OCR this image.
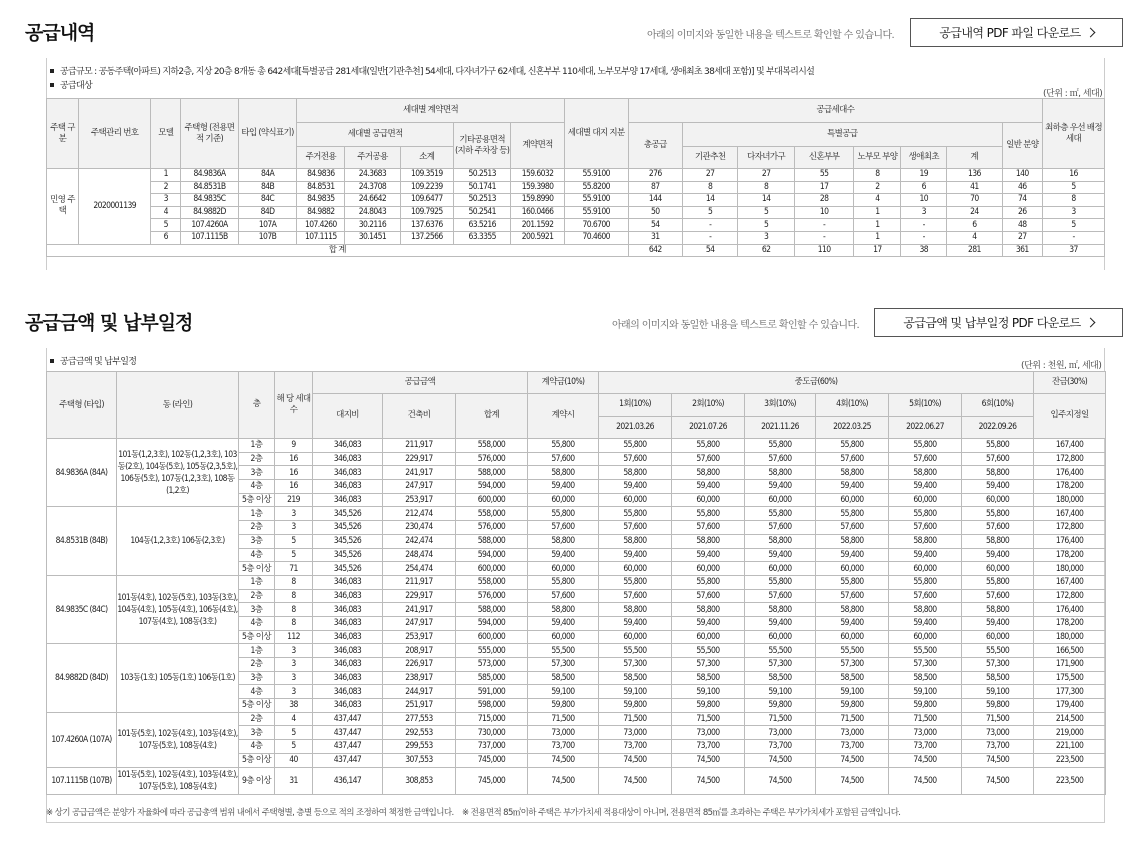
공급내역	아래의 이미지와 동일한 내용을 텍스트로 확인할 수 있습니다.	공급내역 PDF 파일 다운로드
공급규모 : 공동주택(아파트) 지하2층, 지상 20층 8개동 총 642세대[특별공급 281세대(일반[기관추천] 54세대, 다자녀가구 62세대, 신혼부부 110세대, 노부모부양 17세대, 생애최초 38세대 포함)] 및 부대복리시설
공급대상
(단위 : ㎡, 세대)
주택 구분	주택관리 번호	모델	주택형 (전용면적 기준)	타입 (약식표기)	세대별 계약면적					세대별 대지 지분	공급세대수								최하층 우선 배정세대
					세대별 공급면적			기타공용면적 (지하 주차장 등)	계약면적		총공급	특별공급						일반 분양	
					주거전용	주거공용	소계					기관추천	다자녀가구	신혼부부	노부모 부양	생애최초	계		
민영 주택	2020001139	1	84.9836A	84A	84.9836	24.3683	109.3519	50.2513	159.6032	55.9100	276	27	27	55	8	19	136	140	16
		2	84.8531B	84B	84.8531	24.3708	109.2239	50.1741	159.3980	55.8200	87	8	8	17	2	6	41	46	5
		3	84.9835C	84C	84.9835	24.6642	109.6477	50.2513	159.8990	55.9100	144	14	14	28	4	10	70	74	8
		4	84.9882D	84D	84.9882	24.8043	109.7925	50.2541	160.0466	55.9100	50	5	5	10	1	3	24	26	3
		5	107.4260A	107A	107.4260	30.2116	137.6376	63.5216	201.1592	70.6700	54	-	5	-	1	-	6	48	5
		6	107.1115B	107B	107.1115	30.1451	137.2566	63.3355	200.5921	70.4600	31	-	3	-	1	-	4	27	-
합 계											642	54	62	110	17	38	281	361	37
공급금액 및 납부일정	아래의 이미지와 동일한 내용을 텍스트로 확인할 수 있습니다.	공급금액 및 납부일정 PDF 다운로드
공급금액 및 납부일정	(단위 : 천원, ㎡, 세대)
주택형 (타입)	동 (라인)	층	해 당 세대수	공급금액			계약금(10%)	중도금(60%)						잔금(30%)
				대지비	건축비	합계	계약시	1회(10%)	2회(10%)	3회(10%)	4회(10%)	5회(10%)	6회(10%)	입주지정일
								2021.03.26	2021.07.26	2021.11.26	2022.03.25	2022.06.27	2022.09.26	
84.9836A (84A)	101동(1,2,3호), 102동(1,2,3호), 103동(2호), 104동(5호), 105동(2,3,5호), 106동(5호), 107동(1,2,3호), 108동(1,2호)	1층	9	346,083	211,917	558,000	55,800	55,800	55,800	55,800	55,800	55,800	55,800	167,400
		2층	16	346,083	229,917	576,000	57,600	57,600	57,600	57,600	57,600	57,600	57,600	172,800
		3층	16	346,083	241,917	588,000	58,800	58,800	58,800	58,800	58,800	58,800	58,800	176,400
		4층	16	346,083	247,917	594,000	59,400	59,400	59,400	59,400	59,400	59,400	59,400	178,200
		5층 이상	219	346,083	253,917	600,000	60,000	60,000	60,000	60,000	60,000	60,000	60,000	180,000
84.8531B (84B)	104동(1,2,3호) 106동(2,3호)	1층	3	345,526	212,474	558,000	55,800	55,800	55,800	55,800	55,800	55,800	55,800	167,400
		2층	3	345,526	230,474	576,000	57,600	57,600	57,600	57,600	57,600	57,600	57,600	172,800
		3층	5	345,526	242,474	588,000	58,800	58,800	58,800	58,800	58,800	58,800	58,800	176,400
		4층	5	345,526	248,474	594,000	59,400	59,400	59,400	59,400	59,400	59,400	59,400	178,200
		5층 이상	71	345,526	254,474	600,000	60,000	60,000	60,000	60,000	60,000	60,000	60,000	180,000
84.9835C (84C)	101동(4호), 102동(5호), 103동(3호), 104동(4호), 105동(4호), 106동(4호), 107동(4호), 108동(3호)	1층	8	346,083	211,917	558,000	55,800	55,800	55,800	55,800	55,800	55,800	55,800	167,400
		2층	8	346,083	229,917	576,000	57,600	57,600	57,600	57,600	57,600	57,600	57,600	172,800
		3층	8	346,083	241,917	588,000	58,800	58,800	58,800	58,800	58,800	58,800	58,800	176,400
		4층	8	346,083	247,917	594,000	59,400	59,400	59,400	59,400	59,400	59,400	59,400	178,200
		5층 이상	112	346,083	253,917	600,000	60,000	60,000	60,000	60,000	60,000	60,000	60,000	180,000
84.9882D (84D)	103동(1호) 105동(1호) 106동(1호)	1층	3	346,083	208,917	555,000	55,500	55,500	55,500	55,500	55,500	55,500	55,500	166,500
		2층	3	346,083	226,917	573,000	57,300	57,300	57,300	57,300	57,300	57,300	57,300	171,900
		3층	3	346,083	238,917	585,000	58,500	58,500	58,500	58,500	58,500	58,500	58,500	175,500
		4층	3	346,083	244,917	591,000	59,100	59,100	59,100	59,100	59,100	59,100	59,100	177,300
		5층 이상	38	346,083	251,917	598,000	59,800	59,800	59,800	59,800	59,800	59,800	59,800	179,400
107.4260A (107A)	101동(5호), 102동(4호), 103동(4호), 107동(5호), 108동(4호)	2층	4	437,447	277,553	715,000	71,500	71,500	71,500	71,500	71,500	71,500	71,500	214,500
		3층	5	437,447	292,553	730,000	73,000	73,000	73,000	73,000	73,000	73,000	73,000	219,000
		4층	5	437,447	299,553	737,000	73,700	73,700	73,700	73,700	73,700	73,700	73,700	221,100
		5층 이상	40	437,447	307,553	745,000	74,500	74,500	74,500	74,500	74,500	74,500	74,500	223,500
107.1115B (107B)	101동(5호), 102동(4호), 103동(4호), 107동(5호), 108동(4호)	9층 이상	31	436,147	308,853	745,000	74,500	74,500	74,500	74,500	74,500	74,500	74,500	223,500
※ 상기 공급금액은 분양가 자율화에 따라 공급총액 범위 내에서 주택형별, 층별 등으로 적의 조정하여 책정한 금액입니다.    ※ 전용면적 85㎡이하 주택은 부가가치세 적용대상이 아니며, 전용면적 85㎡를 초과하는 주택은 부가가치세가 포함된 금액입니다.
